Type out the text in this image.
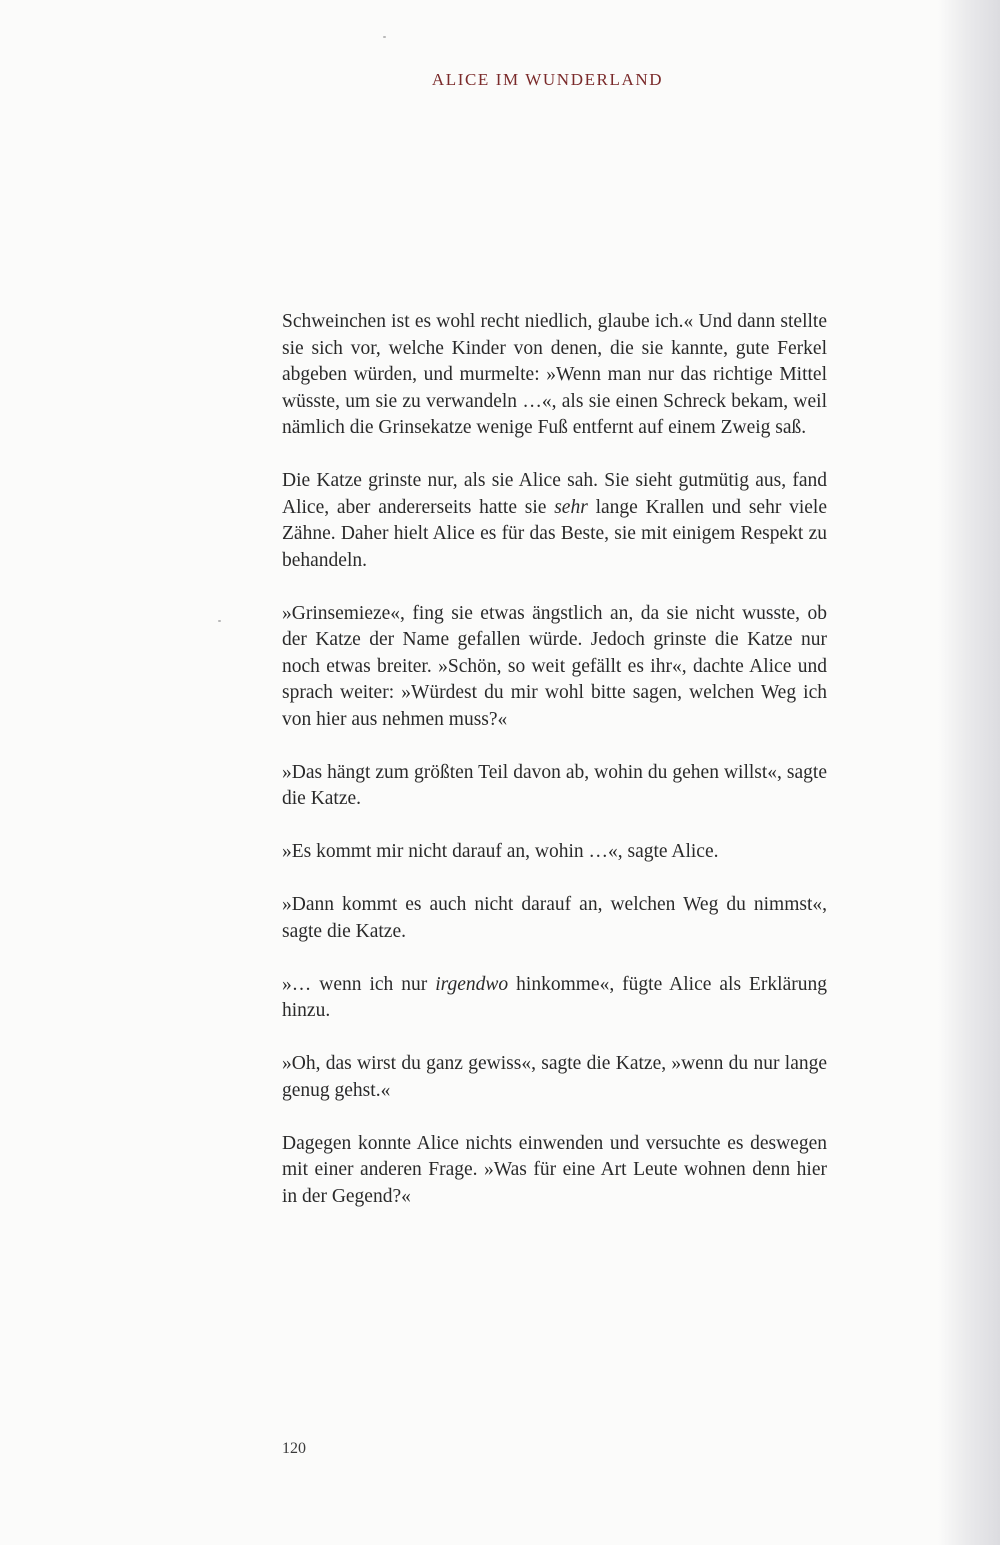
ALICE IM WUNDERLAND

Schweinchen ist es wohl recht niedlich, glaube ich.« Und dann stellte sie sich vor, welche Kinder von denen, die sie kannte, gute Ferkel abgeben würden, und murmelte: »Wenn man nur das richtige Mittel wüsste, um sie zu verwandeln …«, als sie einen Schreck bekam, weil nämlich die Grinsekatze wenige Fuß entfernt auf einem Zweig saß.

Die Katze grinste nur, als sie Alice sah. Sie sieht gutmütig aus, fand Alice, aber andererseits hatte sie sehr lange Krallen und sehr viele Zähne. Daher hielt Alice es für das Beste, sie mit einigem Respekt zu behandeln.

»Grinsemieze«, fing sie etwas ängstlich an, da sie nicht wusste, ob der Katze der Name gefallen würde. Jedoch grinste die Katze nur noch etwas breiter. »Schön, so weit gefällt es ihr«, dachte Alice und sprach weiter: »Würdest du mir wohl bitte sagen, welchen Weg ich von hier aus nehmen muss?«

»Das hängt zum größten Teil davon ab, wohin du gehen willst«, sagte die Katze.

»Es kommt mir nicht darauf an, wohin …«, sagte Alice.

»Dann kommt es auch nicht darauf an, welchen Weg du nimmst«, sagte die Katze.

»… wenn ich nur irgendwo hinkomme«, fügte Alice als Erklärung hinzu.

»Oh, das wirst du ganz gewiss«, sagte die Katze, »wenn du nur lange genug gehst.«

Dagegen konnte Alice nichts einwenden und versuchte es deswegen mit einer anderen Frage. »Was für eine Art Leute wohnen denn hier in der Gegend?«

120
